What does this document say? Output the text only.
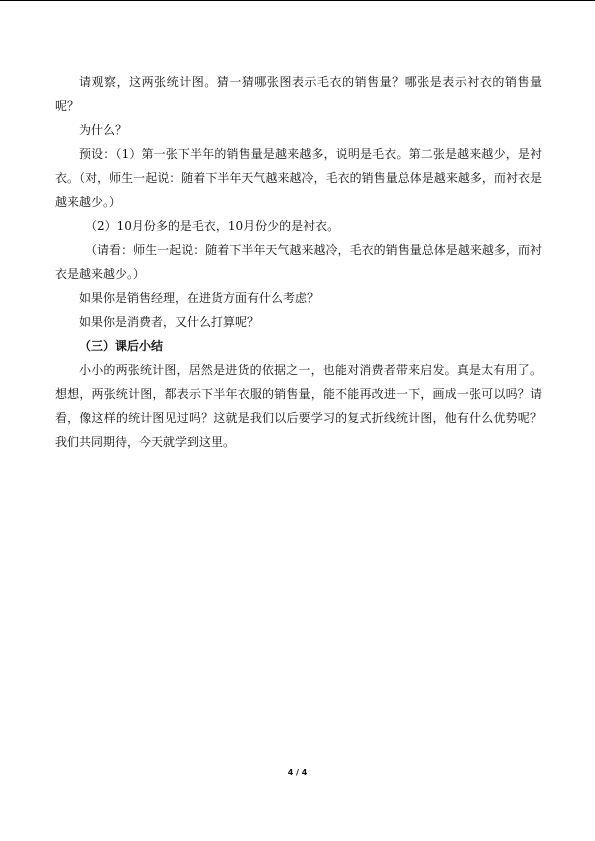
请观察，这两张统计图。猜一猜哪张图表示毛衣的销售量？哪张是表示衬衣的销售量呢？

为什么？

预设：（1）第一张下半年的销售量是越来越多，说明是毛衣。第二张是越来越少，是衬衣。（对，师生一起说：随着下半年天气越来越冷，毛衣的销售量总体是越来越多，而衬衣是越来越少。）

（2）10月份多的是毛衣，10月份少的是衬衣。

（请看：师生一起说：随着下半年天气越来越冷，毛衣的销售量总体是越来越多，而衬衣是越来越少。）

如果你是销售经理，在进货方面有什么考虑？

如果你是消费者，又什么打算呢？

（三）课后小结

小小的两张统计图，居然是进货的依据之一，也能对消费者带来启发。真是太有用了。想想，两张统计图，都表示下半年衣服的销售量，能不能再改进一下，画成一张可以吗？请看，像这样的统计图见过吗？这就是我们以后要学习的复式折线统计图，他有什么优势呢？我们共同期待，今天就学到这里。

4 / 4
